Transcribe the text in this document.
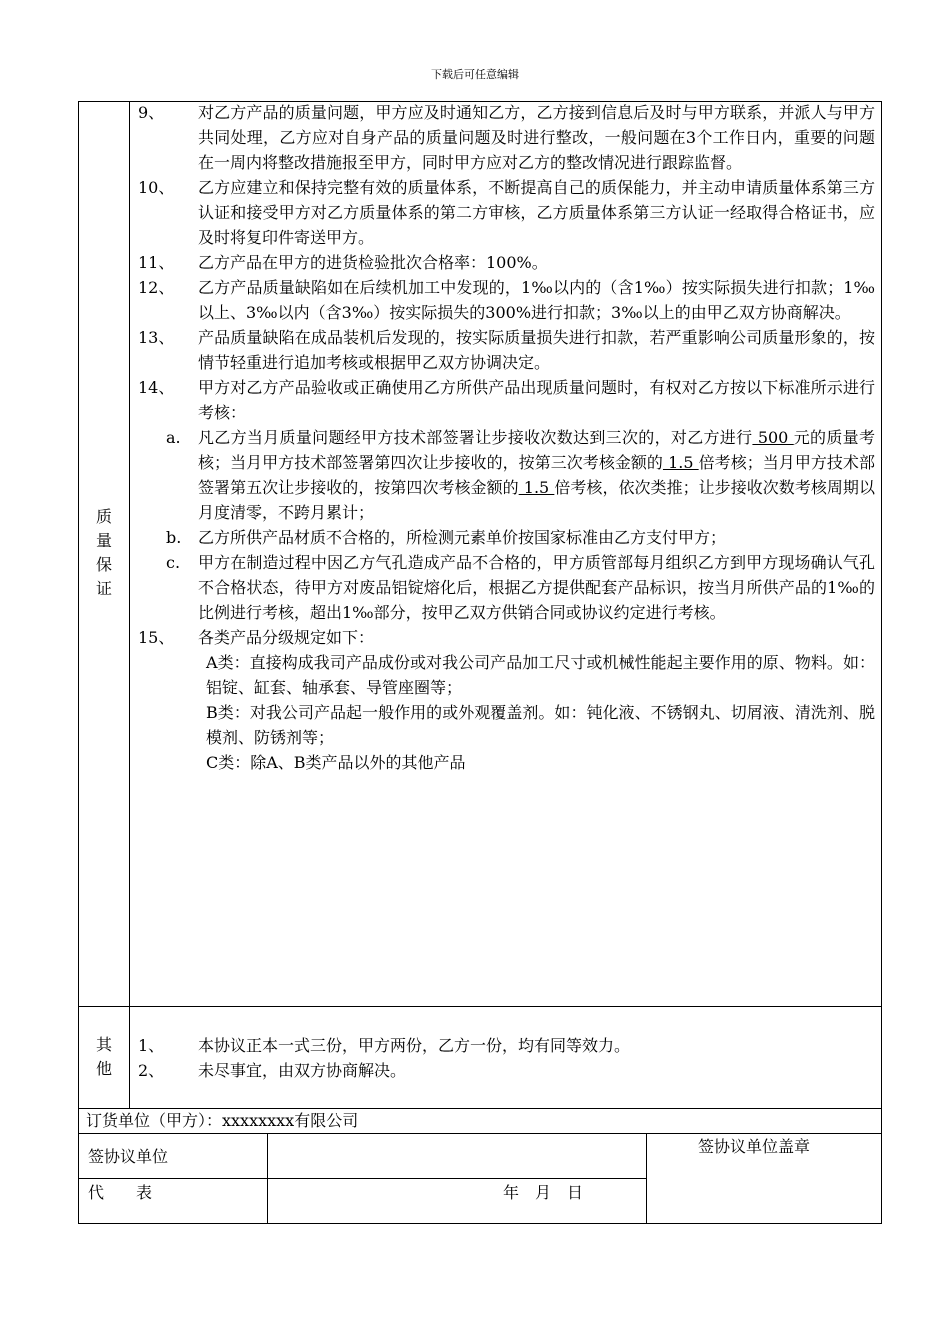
下载后可任意编辑
质
量
保
证
9、 对乙方产品的质量问题，甲方应及时通知乙方，乙方接到信息后及时与甲方联系，并派人与甲方共同处理，乙方应对自身产品的质量问题及时进行整改，一般问题在3个工作日内，重要的问题在一周内将整改措施报至甲方，同时甲方应对乙方的整改情况进行跟踪监督。
10、 乙方应建立和保持完整有效的质量体系，不断提高自己的质保能力，并主动申请质量体系第三方认证和接受甲方对乙方质量体系的第二方审核，乙方质量体系第三方认证一经取得合格证书，应及时将复印件寄送甲方。
11、 乙方产品在甲方的进货检验批次合格率：100%。
12、 乙方产品质量缺陷如在后续机加工中发现的，1‰以内的（含1‰）按实际损失进行扣款；1‰以上、3‰以内（含3‰）按实际损失的300%进行扣款；3‰以上的由甲乙双方协商解决。
13、 产品质量缺陷在成品装机后发现的，按实际质量损失进行扣款，若严重影响公司质量形象的，按情节轻重进行追加考核或根据甲乙双方协调决定。
14、 甲方对乙方产品验收或正确使用乙方所供产品出现质量问题时，有权对乙方按以下标准所示进行考核：
a. 凡乙方当月质量问题经甲方技术部签署让步接收次数达到三次的，对乙方进行 500 元的质量考核；当月甲方技术部签署第四次让步接收的，按第三次考核金额的 1.5 倍考核；当月甲方技术部签署第五次让步接收的，按第四次考核金额的 1.5 倍考核，依次类推；让步接收次数考核周期以月度清零，不跨月累计；
b. 乙方所供产品材质不合格的，所检测元素单价按国家标准由乙方支付甲方；
c. 甲方在制造过程中因乙方气孔造成产品不合格的，甲方质管部每月组织乙方到甲方现场确认气孔不合格状态，待甲方对废品铝锭熔化后，根据乙方提供配套产品标识，按当月所供产品的1‰的比例进行考核，超出1‰部分，按甲乙双方供销合同或协议约定进行考核。
15、 各类产品分级规定如下：
A类：直接构成我司产品成份或对我公司产品加工尺寸或机械性能起主要作用的原、物料。如：铝锭、缸套、轴承套、导管座圈等；
B类：对我公司产品起一般作用的或外观覆盖剂。如：钝化液、不锈钢丸、切屑液、清洗剂、脱模剂、防锈剂等；
C类：除A、B类产品以外的其他产品
其
他
1、 本协议正本一式三份，甲方两份，乙方一份，均有同等效力。
2、 未尽事宜，由双方协商解决。
订货单位（甲方）：xxxxxxxx有限公司
签协议单位
代　　表	年　月　日
签协议单位盖章
